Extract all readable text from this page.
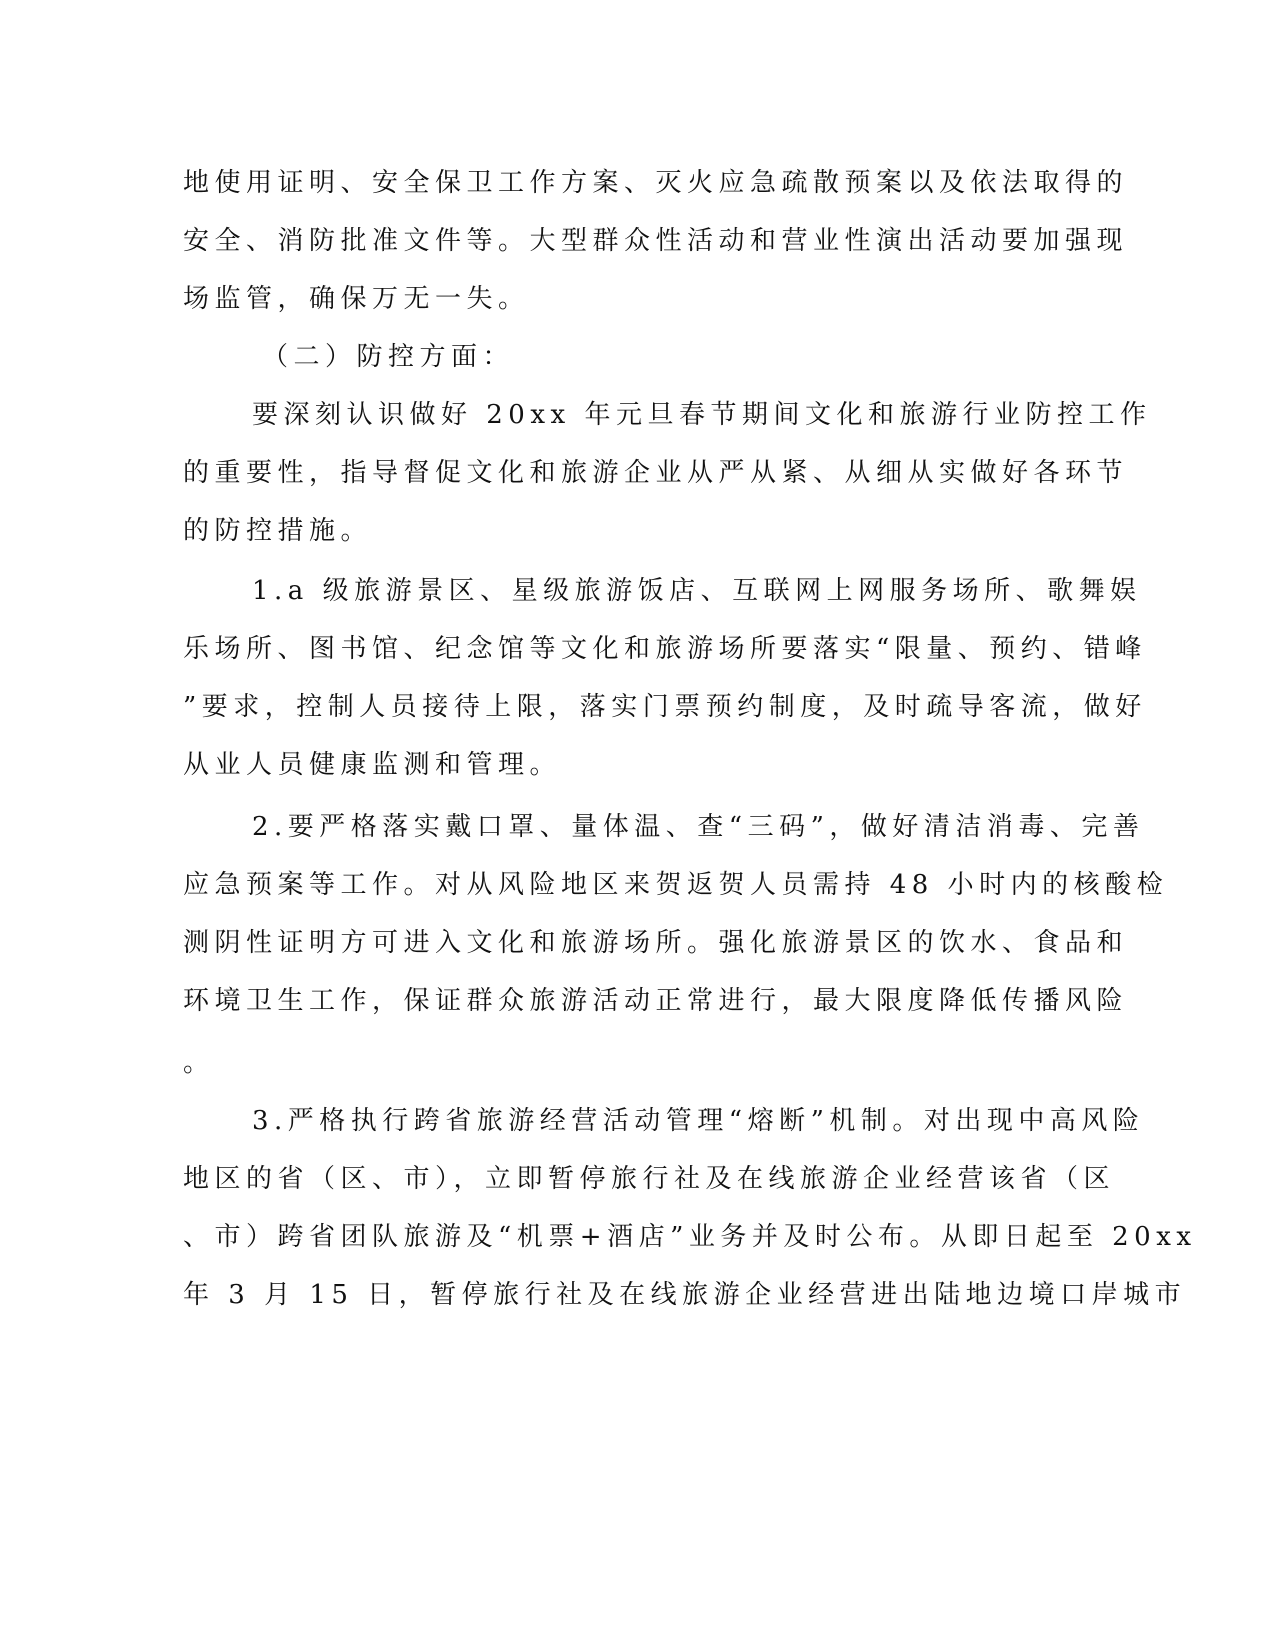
地使用证明、安全保卫工作方案、灭火应急疏散预案以及依法取得的
安全、消防批准文件等。大型群众性活动和营业性演出活动要加强现
场监管，确保万无一失。
（二）防控方面：
要深刻认识做好 20xx 年元旦春节期间文化和旅游行业防控工作
的重要性，指导督促文化和旅游企业从严从紧、从细从实做好各环节
的防控措施。
1.a 级旅游景区、星级旅游饭店、互联网上网服务场所、歌舞娱
乐场所、图书馆、纪念馆等文化和旅游场所要落实“限量、预约、错峰
”要求，控制人员接待上限，落实门票预约制度，及时疏导客流，做好
从业人员健康监测和管理。
2.要严格落实戴口罩、量体温、查“三码”，做好清洁消毒、完善
应急预案等工作。对从风险地区来贺返贺人员需持 48 小时内的核酸检
测阴性证明方可进入文化和旅游场所。强化旅游景区的饮水、食品和
环境卫生工作，保证群众旅游活动正常进行，最大限度降低传播风险
。
3.严格执行跨省旅游经营活动管理“熔断”机制。对出现中高风险
地区的省（区、市），立即暂停旅行社及在线旅游企业经营该省（区
、市）跨省团队旅游及“机票+酒店”业务并及时公布。从即日起至 20xx
年 3 月 15 日，暂停旅行社及在线旅游企业经营进出陆地边境口岸城市
